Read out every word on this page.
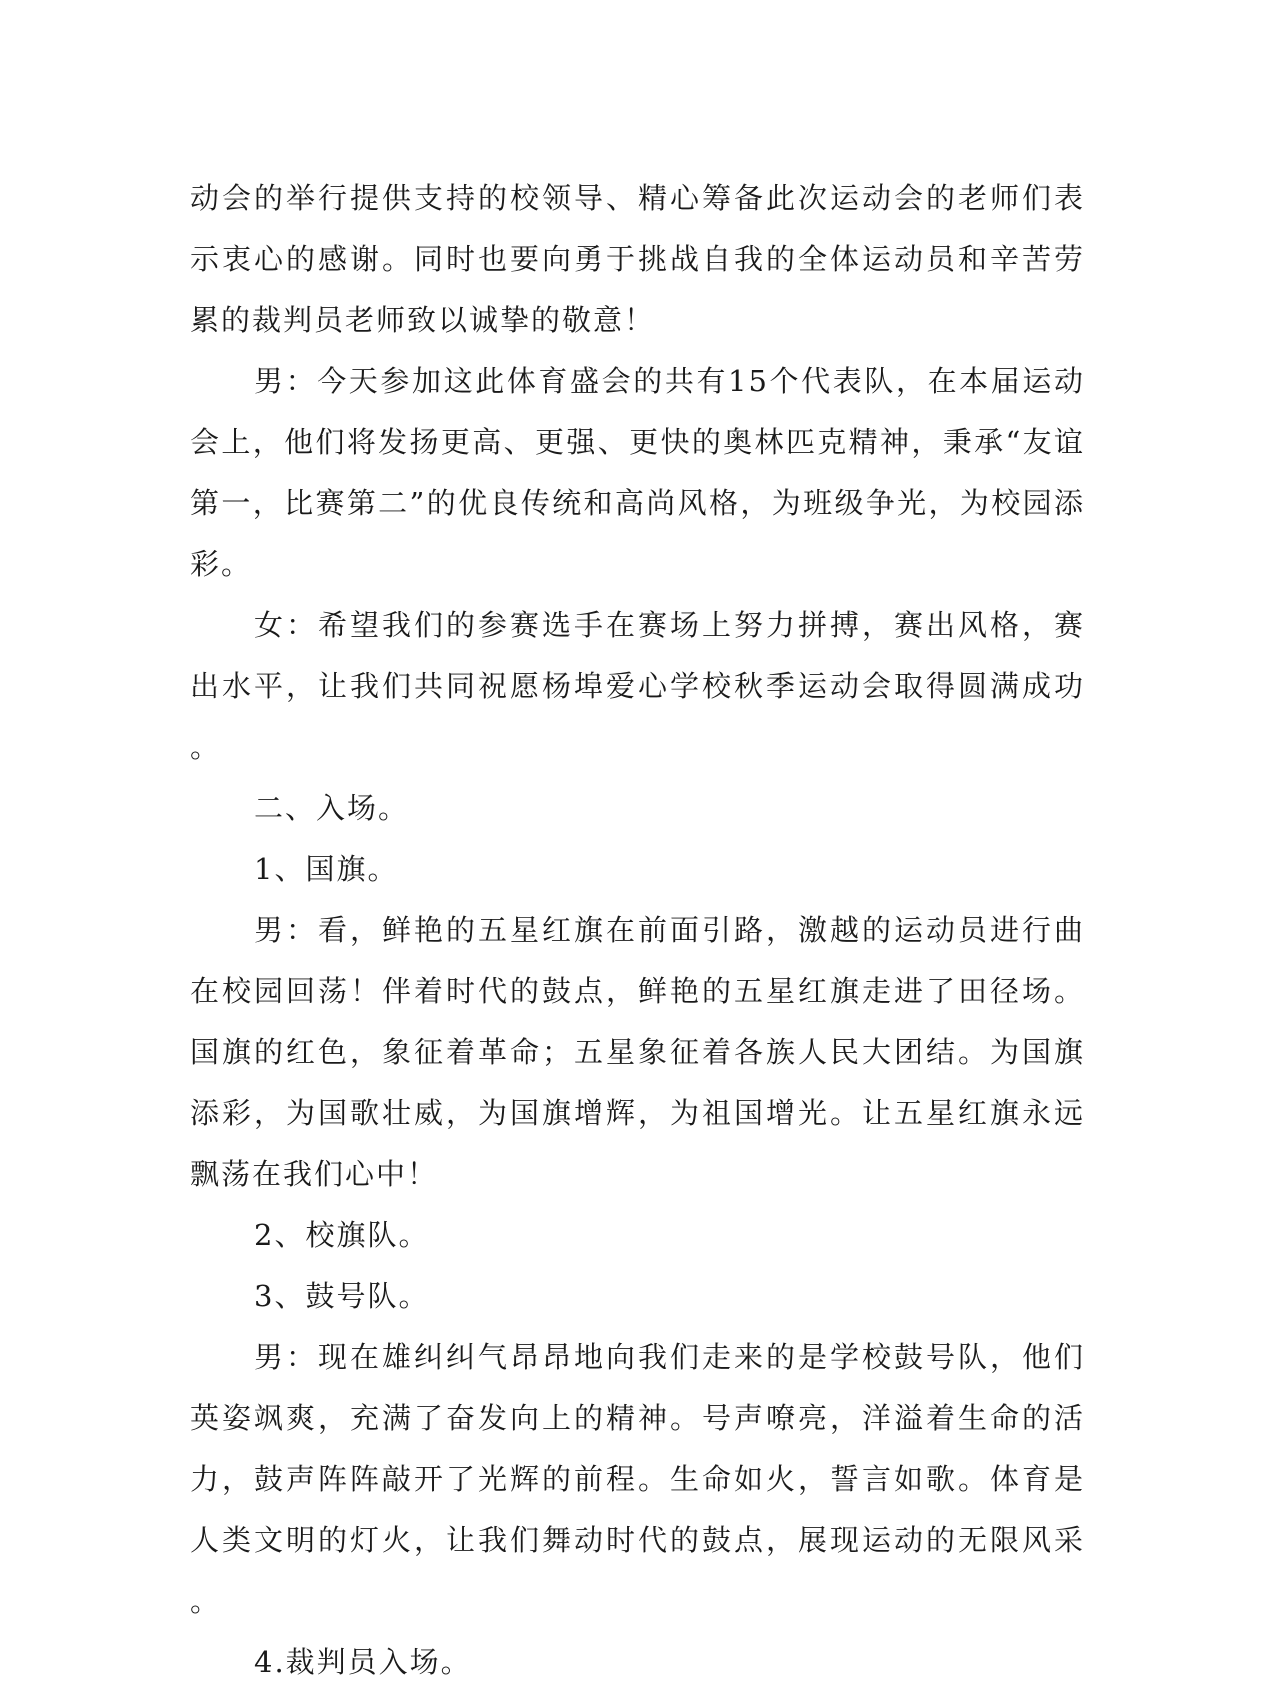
动会的举行提供支持的校领导、精心筹备此次运动会的老师们表示衷心的感谢。同时也要向勇于挑战自我的全体运动员和辛苦劳累的裁判员老师致以诚挚的敬意！

男：今天参加这此体育盛会的共有15个代表队，在本届运动会上，他们将发扬更高、更强、更快的奥林匹克精神，秉承“友谊第一，比赛第二”的优良传统和高尚风格，为班级争光，为校园添彩。

女：希望我们的参赛选手在赛场上努力拼搏，赛出风格，赛出水平，让我们共同祝愿杨埠爱心学校秋季运动会取得圆满成功。

二、入场。

1、国旗。

男：看，鲜艳的五星红旗在前面引路，激越的运动员进行曲在校园回荡！伴着时代的鼓点，鲜艳的五星红旗走进了田径场。国旗的红色，象征着革命；五星象征着各族人民大团结。为国旗添彩，为国歌壮威，为国旗增辉，为祖国增光。让五星红旗永远飘荡在我们心中！

2、校旗队。

3、鼓号队。

男：现在雄纠纠气昂昂地向我们走来的是学校鼓号队，他们英姿飒爽，充满了奋发向上的精神。号声嘹亮，洋溢着生命的活力，鼓声阵阵敲开了光辉的前程。生命如火，誓言如歌。体育是人类文明的灯火，让我们舞动时代的鼓点，展现运动的无限风采。

4.裁判员入场。
